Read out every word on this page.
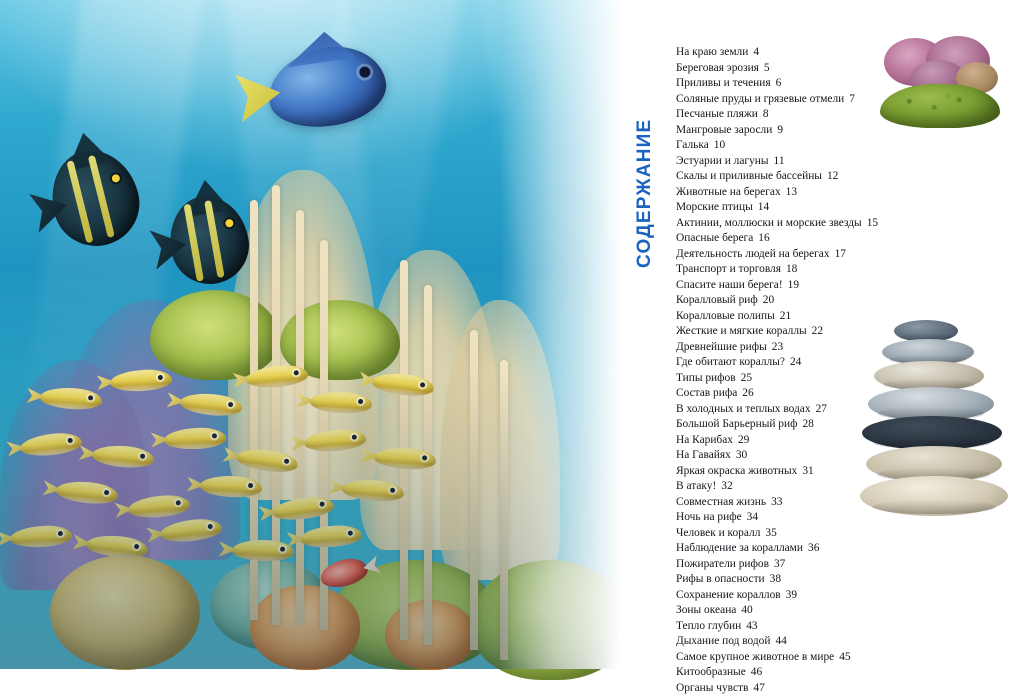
СОДЕРЖАНИЕ
На краю земли 4
Береговая эрозия 5
Приливы и течения 6
Соляные пруды и грязевые отмели 7
Песчаные пляжи 8
Мангровые заросли 9
Галька 10
Эстуарии и лагуны 11
Скалы и приливные бассейны 12
Животные на берегах 13
Морские птицы 14
Актинии, моллюски и морские звезды 15
Опасные берега 16
Деятельность людей на берегах 17
Транспорт и торговля 18
Спасите наши берега! 19
Коралловый риф 20
Коралловые полипы 21
Жесткие и мягкие кораллы 22
Древнейшие рифы 23
Где обитают кораллы? 24
Типы рифов 25
Состав рифа 26
В холодных и теплых водах 27
Большой Барьерный риф 28
На Карибах 29
На Гавайях 30
Яркая окраска животных 31
В атаку! 32
Совместная жизнь 33
Ночь на рифе 34
Человек и коралл 35
Наблюдение за кораллами 36
Пожиратели рифов 37
Рифы в опасности 38
Сохранение кораллов 39
Зоны океана 40
Тепло глубин 43
Дыхание под водой 44
Самое крупное животное в мире 45
Китообразные 46
Органы чувств 47
